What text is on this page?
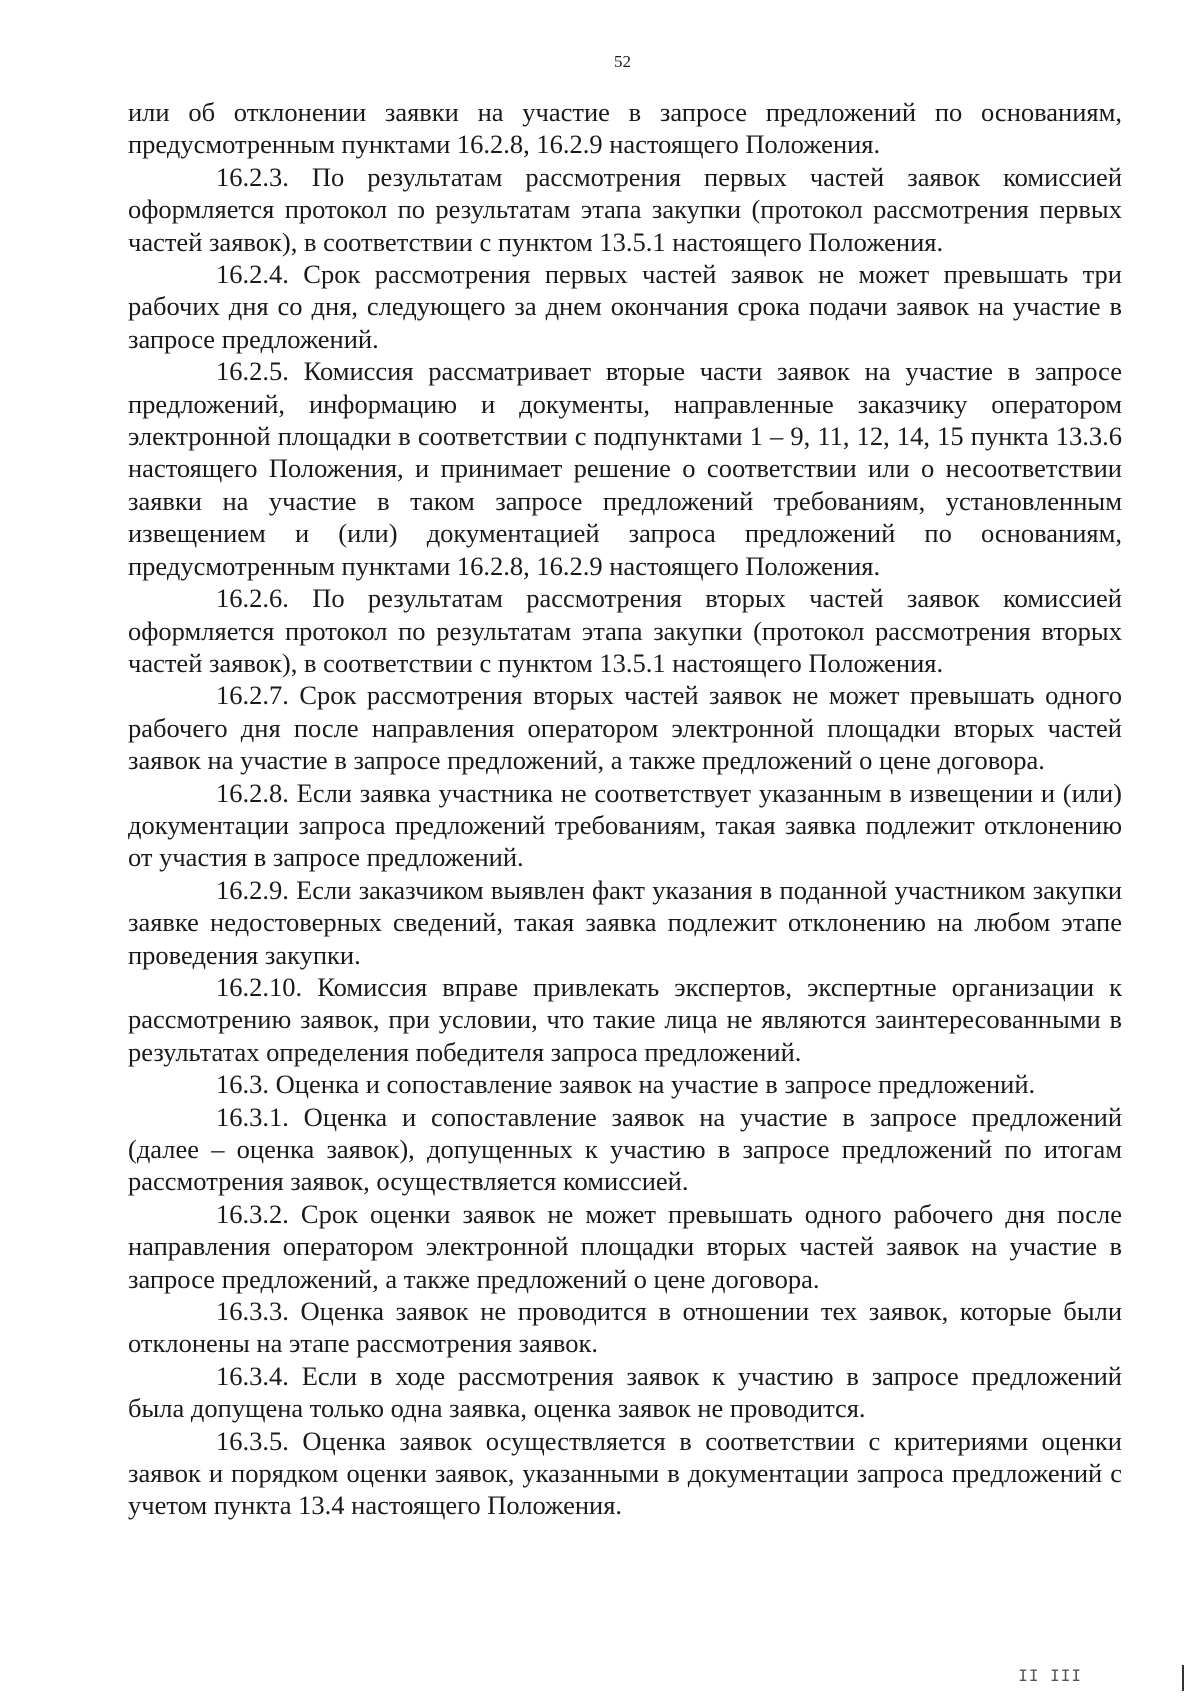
52

или об отклонении заявки на участие в запросе предложений по основаниям, предусмотренным пунктами 16.2.8, 16.2.9 настоящего Положения.

16.2.3. По результатам рассмотрения первых частей заявок комиссией оформляется протокол по результатам этапа закупки (протокол рассмотрения первых частей заявок), в соответствии с пунктом 13.5.1 настоящего Положения.

16.2.4. Срок рассмотрения первых частей заявок не может превышать три рабочих дня со дня, следующего за днем окончания срока подачи заявок на участие в запросе предложений.

16.2.5. Комиссия рассматривает вторые части заявок на участие в запросе предложений, информацию и документы, направленные заказчику оператором электронной площадки в соответствии с подпунктами 1 – 9, 11, 12, 14, 15 пункта 13.3.6 настоящего Положения, и принимает решение о соответствии или о несоответствии заявки на участие в таком запросе предложений требованиям, установленным извещением и (или) документацией запроса предложений по основаниям, предусмотренным пунктами 16.2.8, 16.2.9 настоящего Положения.

16.2.6. По результатам рассмотрения вторых частей заявок комиссией оформляется протокол по результатам этапа закупки (протокол рассмотрения вторых частей заявок), в соответствии с пунктом 13.5.1 настоящего Положения.

16.2.7. Срок рассмотрения вторых частей заявок не может превышать одного рабочего дня после направления оператором электронной площадки вторых частей заявок на участие в запросе предложений, а также предложений о цене договора.

16.2.8. Если заявка участника не соответствует указанным в извещении и (или) документации запроса предложений требованиям, такая заявка подлежит отклонению от участия в запросе предложений.

16.2.9. Если заказчиком выявлен факт указания в поданной участником закупки заявке недостоверных сведений, такая заявка подлежит отклонению на любом этапе проведения закупки.

16.2.10. Комиссия вправе привлекать экспертов, экспертные организации к рассмотрению заявок, при условии, что такие лица не являются заинтересованными в результатах определения победителя запроса предложений.

16.3. Оценка и сопоставление заявок на участие в запросе предложений.

16.3.1. Оценка и сопоставление заявок на участие в запросе предложений (далее – оценка заявок), допущенных к участию в запросе предложений по итогам рассмотрения заявок, осуществляется комиссией.

16.3.2. Срок оценки заявок не может превышать одного рабочего дня после направления оператором электронной площадки вторых частей заявок на участие в запросе предложений, а также предложений о цене договора.

16.3.3. Оценка заявок не проводится в отношении тех заявок, которые были отклонены на этапе рассмотрения заявок.

16.3.4. Если в ходе рассмотрения заявок к участию в запросе предложений была допущена только одна заявка, оценка заявок не проводится.

16.3.5. Оценка заявок осуществляется в соответствии с критериями оценки заявок и порядком оценки заявок, указанными в документации запроса предложений с учетом пункта 13.4 настоящего Положения.

II III
